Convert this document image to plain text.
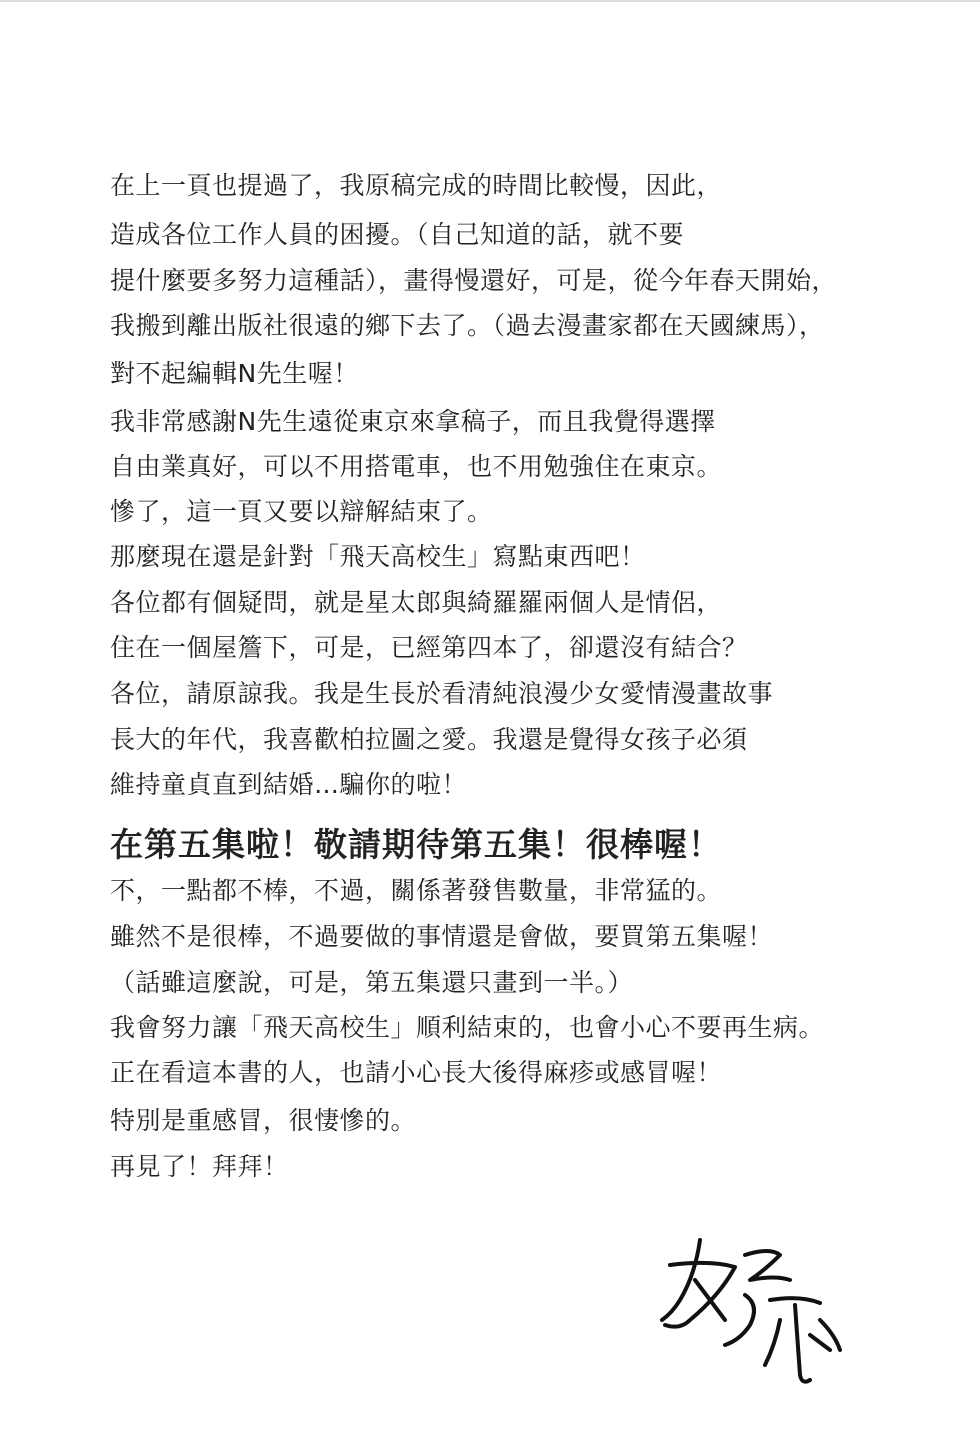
在上一頁也提過了，我原稿完成的時間比較慢，因此，
造成各位工作人員的困擾。（自己知道的話，就不要
提什麼要多努力這種話），畫得慢還好，可是，從今年春天開始，
我搬到離出版社很遠的鄉下去了。（過去漫畫家都在天國練馬），
對不起編輯N先生喔！
我非常感謝N先生遠從東京來拿稿子，而且我覺得選擇
自由業真好，可以不用搭電車，也不用勉強住在東京。
慘了，這一頁又要以辯解結束了。
那麼現在還是針對「飛天高校生」寫點東西吧！
各位都有個疑問，就是星太郎與綺羅羅兩個人是情侶，
住在一個屋簷下，可是，已經第四本了，卻還沒有結合？
各位，請原諒我。我是生長於看清純浪漫少女愛情漫畫故事
長大的年代，我喜歡柏拉圖之愛。我還是覺得女孩子必須
維持童貞直到結婚…騙你的啦！
在第五集啦！敬請期待第五集！很棒喔！
不，一點都不棒，不過，關係著發售數量，非常猛的。
雖然不是很棒，不過要做的事情還是會做，要買第五集喔！
（話雖這麼說，可是，第五集還只畫到一半。）
我會努力讓「飛天高校生」順利結束的，也會小心不要再生病。
正在看這本書的人，也請小心長大後得麻疹或感冒喔！
特別是重感冒，很悽慘的。
再見了！拜拜！
